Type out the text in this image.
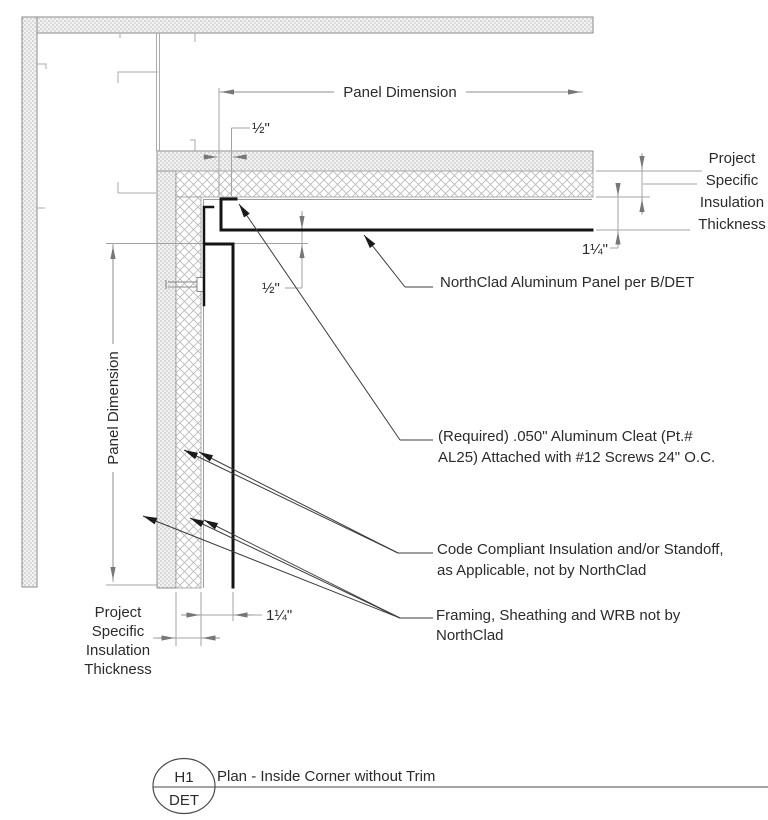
Panel Dimension
½"
½"
Panel Dimension
1¼"
1¼"
Project
Specific
Insulation
Thickness
Project
Specific
Insulation
Thickness
NorthClad Aluminum Panel per B/DET
(Required) .050" Aluminum Cleat (Pt.#
AL25) Attached with #12 Screws 24" O.C.
Code Compliant Insulation and/or Standoff,
as Applicable, not by NorthClad
Framing, Sheathing and WRB not by
NorthClad
H1
DET
Plan - Inside Corner without Trim
